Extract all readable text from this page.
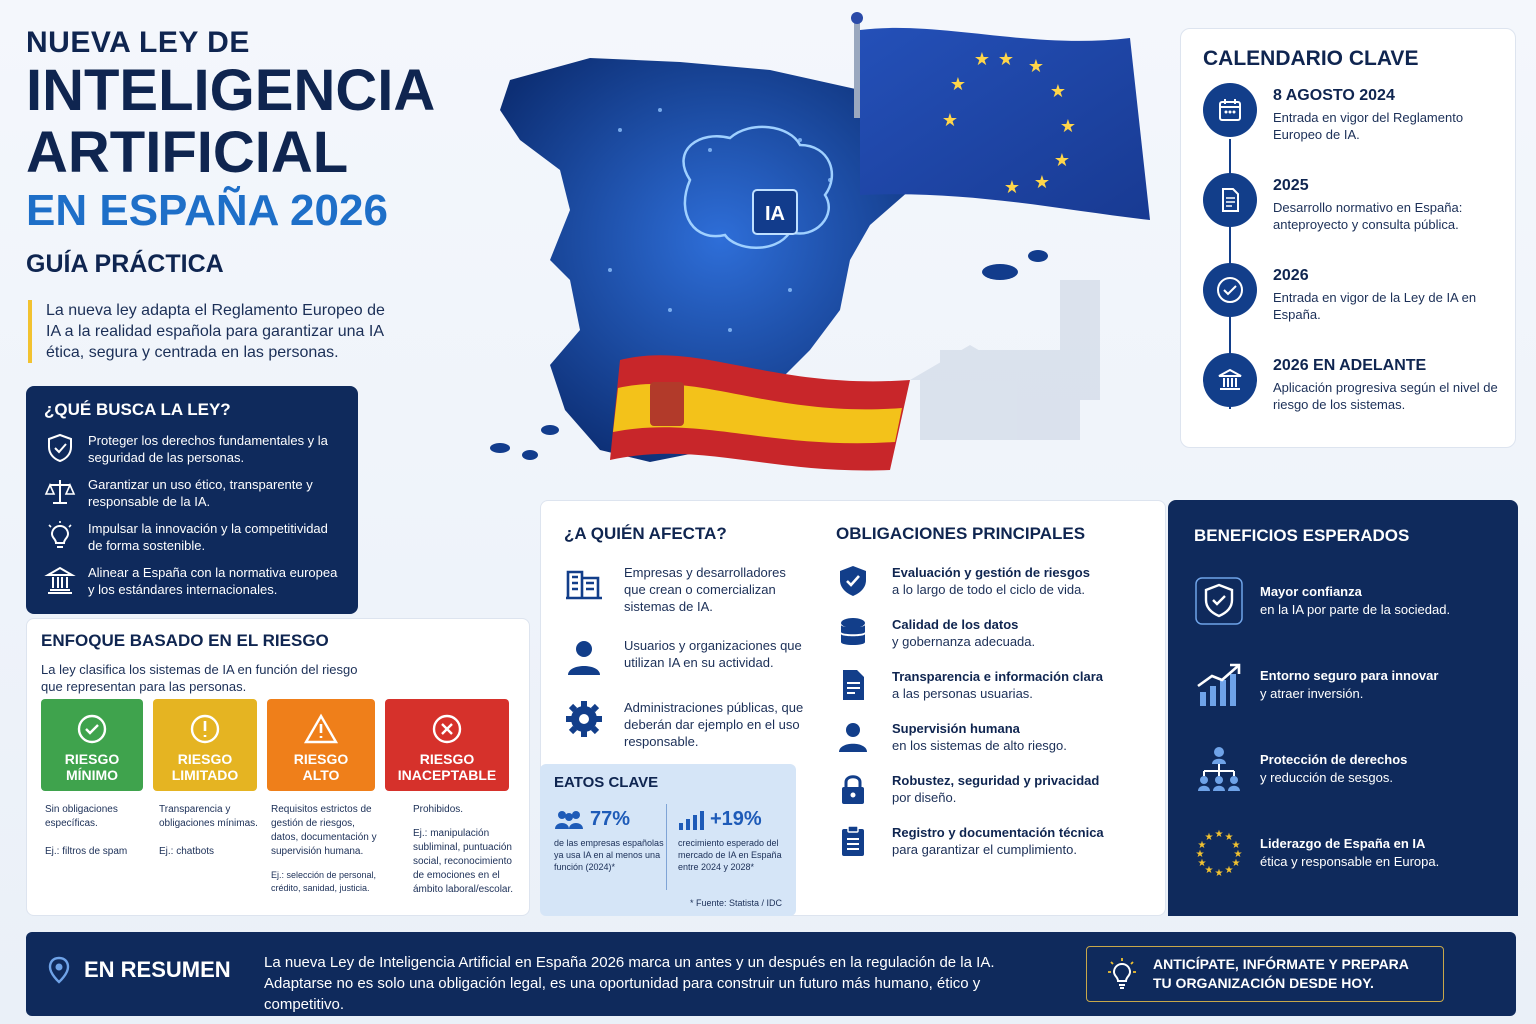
NUEVA LEY DE
INTELIGENCIA
ARTIFICIAL
EN ESPAÑA 2026
GUÍA PRÁCTICA
La nueva ley adapta el Reglamento Europeo de IA a la realidad española para garantizar una IA ética, segura y centrada en las personas.
¿QUÉ BUSCA LA LEY?
Proteger los derechos fundamentales y la seguridad de las personas.
Garantizar un uso ético, transparente y responsable de la IA.
Impulsar la innovación y la competitividad de forma sostenible.
Alinear a España con la normativa europea y los estándares internacionales.
ENFOQUE BASADO EN EL RIESGO
La ley clasifica los sistemas de IA en función del riesgo que representan para las personas.
RIESGO
MÍNIMO
RIESGO
LIMITADO
RIESGO
ALTO
RIESGO
INACEPTABLE
Sin obligaciones específicas.
Ej.: filtros de spam
Transparencia y obligaciones mínimas.
Ej.: chatbots
Requisitos estrictos de gestión de riesgos, datos, documentación y supervisión humana.
Ej.: selección de personal, crédito, sanidad, justicia.
Prohibidos.
Ej.: manipulación subliminal, puntuación social, reconocimiento de emociones en el ámbito laboral/escolar.
IA
★ ★
★
★
★
★
★
★
★
★
CALENDARIO CLAVE
8 AGOSTO 2024
Entrada en vigor del Reglamento Europeo de IA.
2025
Desarrollo normativo en España: anteproyecto y consulta pública.
2026
Entrada en vigor de la Ley de IA en España.
2026 EN ADELANTE
Aplicación progresiva según el nivel de riesgo de los sistemas.
¿A QUIÉN AFECTA?
Empresas y desarrolladores que crean o comercializan sistemas de IA.
Usuarios y organizaciones que utilizan IA en su actividad.
Administraciones públicas, que deberán dar ejemplo en el uso responsable.
EATOS CLAVE
77%
de las empresas españolas ya usa IA en al menos una función (2024)*
+19%
crecimiento esperado del mercado de IA en España entre 2024 y 2028*
* Fuente: Statista / IDC
OBLIGACIONES PRINCIPALES
Evaluación y gestión de riesgos
a lo largo de todo el ciclo de vida.
Calidad de los datos
y gobernanza adecuada.
Transparencia e información clara
a las personas usuarias.
Supervisión humana
en los sistemas de alto riesgo.
Robustez, seguridad y privacidad
por diseño.
Registro y documentación técnica
para garantizar el cumplimiento.
BENEFICIOS ESPERADOS
Mayor confianza
en la IA por parte de la sociedad.
Entorno seguro para innovar
y atraer inversión.
Protección de derechos
y reducción de sesgos.
★ ★
★
★
★
★
★
★
★
★
★
★	Liderazgo de España en IA
ética y responsable en Europa.
EN RESUMEN La nueva Ley de Inteligencia Artificial en España 2026 marca un antes y un después en la regulación de la IA.
Adaptarse no es solo una obligación legal, es una oportunidad para construir un futuro más humano, ético y competitivo.
ANTICÍPATE, INFÓRMATE Y PREPARA
TU ORGANIZACIÓN DESDE HOY.
